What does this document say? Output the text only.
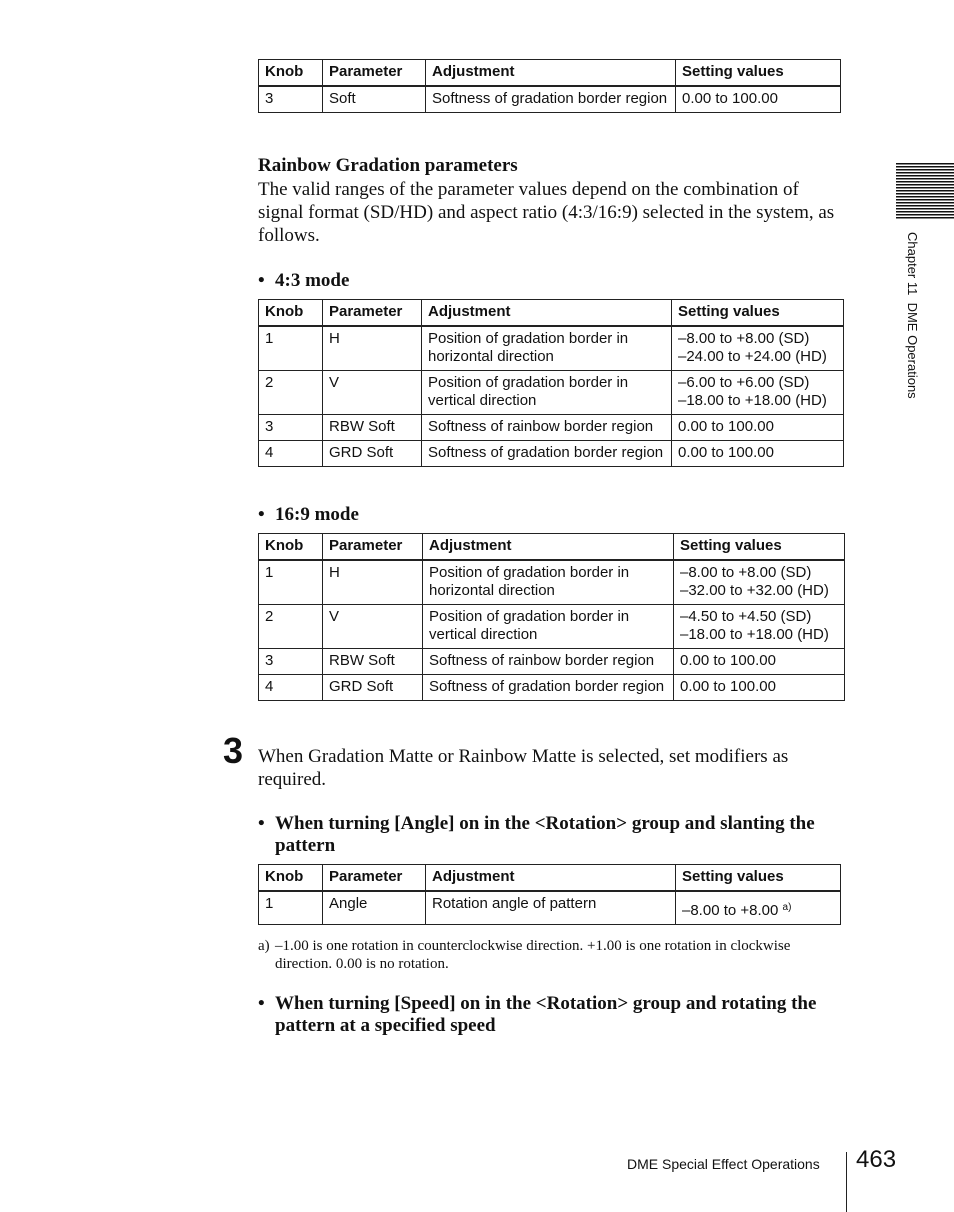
Knob	Parameter	Adjustment	Setting values
3	Soft	Softness of gradation border region	0.00 to 100.00
Rainbow Gradation parameters
The valid ranges of the parameter values depend on the combination of signal format (SD/HD) and aspect ratio (4:3/16:9) selected in the system, as follows.
• 4:3 mode
Knob	Parameter	Adjustment	Setting values
1	H	Position of gradation border in horizontal direction	–8.00 to +8.00 (SD)
–24.00 to +24.00 (HD)

2	V	Position of gradation border in vertical direction	–6.00 to +6.00 (SD)
–18.00 to +18.00 (HD)

3	RBW Soft	Softness of rainbow border region	0.00 to 100.00
4	GRD Soft	Softness of gradation border region	0.00 to 100.00
• 16:9 mode
Knob	Parameter	Adjustment	Setting values
1	H	Position of gradation border in horizontal direction	–8.00 to +8.00 (SD)
–32.00 to +32.00 (HD)

2	V	Position of gradation border in vertical direction	–4.50 to +4.50 (SD)
–18.00 to +18.00 (HD)

3	RBW Soft	Softness of rainbow border region	0.00 to 100.00
4	GRD Soft	Softness of gradation border region	0.00 to 100.00
3 When Gradation Matte or Rainbow Matte is selected, set modifiers as required.
• When turning [Angle] on in the <Rotation> group and slanting the pattern
Knob	Parameter	Adjustment	Setting values
1	Angle	Rotation angle of pattern	–8.00 to +8.00 $^{a)}$
a) –1.00 is one rotation in counterclockwise direction. +1.00 is one rotation in clockwise direction. 0.00 is no rotation.
• When turning [Speed] on in the <Rotation> group and rotating the pattern at a specified speed
Chapter 11  DME Operations
DME Special Effect Operations 463
